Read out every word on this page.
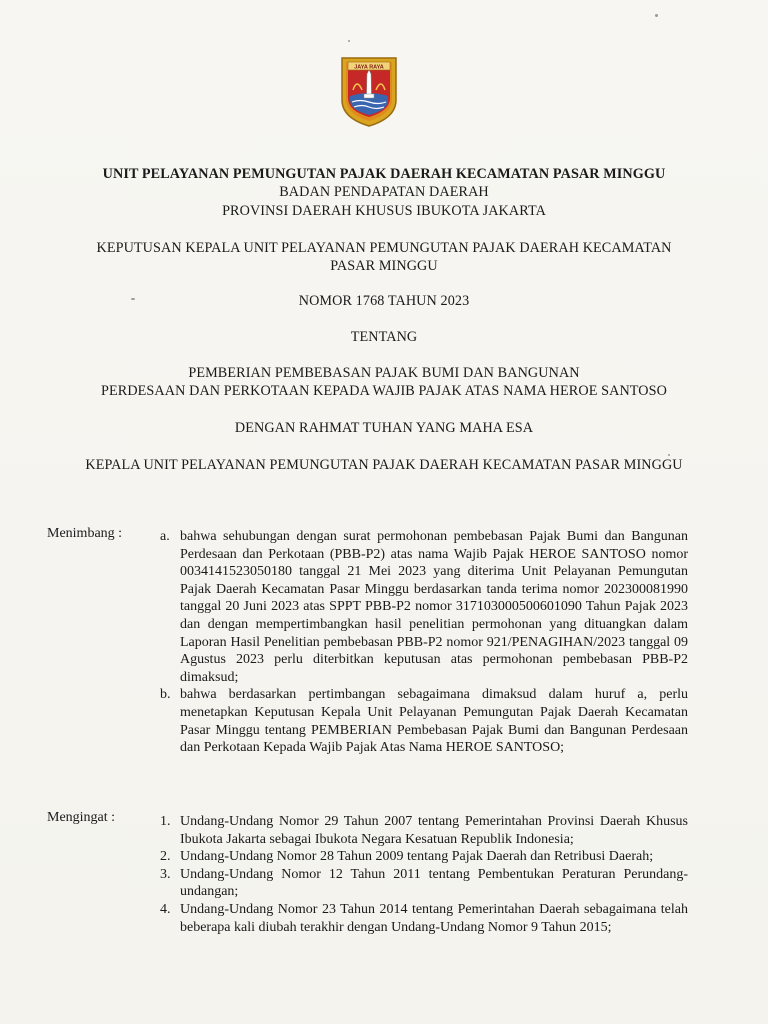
JAYA RAYA
UNIT PELAYANAN PEMUNGUTAN PAJAK DAERAH KECAMATAN PASAR MINGGU
BADAN PENDAPATAN DAERAH
PROVINSI DAERAH KHUSUS IBUKOTA JAKARTA
KEPUTUSAN KEPALA UNIT PELAYANAN PEMUNGUTAN PAJAK DAERAH KECAMATAN
PASAR MINGGU
NOMOR 1768 TAHUN 2023
TENTANG
PEMBERIAN PEMBEBASAN PAJAK BUMI DAN BANGUNAN
PERDESAAN DAN PERKOTAAN KEPADA WAJIB PAJAK ATAS NAMA HEROE SANTOSO
DENGAN RAHMAT TUHAN YANG MAHA ESA
KEPALA UNIT PELAYANAN PEMUNGUTAN PAJAK DAERAH KECAMATAN PASAR MINGGU
Menimbang :	a. bahwa sehubungan dengan surat permohonan pembebasan Pajak Bumi dan Bangunan Perdesaan dan Perkotaan (PBB-P2) atas nama Wajib Pajak HEROE SANTOSO nomor 0034141523050180 tanggal 21 Mei 2023 yang diterima Unit Pelayanan Pemungutan Pajak Daerah Kecamatan Pasar Minggu berdasarkan tanda terima nomor 202300081990 tanggal 20 Juni 2023 atas SPPT PBB-P2 nomor 317103000500601090 Tahun Pajak 2023 dan dengan mempertimbangkan hasil penelitian permohonan yang dituangkan dalam Laporan Hasil Penelitian pembebasan PBB-P2 nomor 921/PENAGIHAN/2023 tanggal 09 Agustus 2023 perlu diterbitkan keputusan atas permohonan pembebasan PBB-P2 dimaksud;
b. bahwa berdasarkan pertimbangan sebagaimana dimaksud dalam huruf a, perlu menetapkan Keputusan Kepala Unit Pelayanan Pemungutan Pajak Daerah Kecamatan Pasar Minggu tentang PEMBERIAN Pembebasan Pajak Bumi dan Bangunan Perdesaan dan Perkotaan Kepada Wajib Pajak Atas Nama HEROE SANTOSO;
Mengingat :	1. Undang-Undang Nomor 29 Tahun 2007 tentang Pemerintahan Provinsi Daerah Khusus Ibukota Jakarta sebagai Ibukota Negara Kesatuan Republik Indonesia;
2. Undang-Undang Nomor 28 Tahun 2009 tentang Pajak Daerah dan Retribusi Daerah;
3. Undang-Undang Nomor 12 Tahun 2011 tentang Pembentukan Peraturan Perundang-undangan;
4. Undang-Undang Nomor 23 Tahun 2014 tentang Pemerintahan Daerah sebagaimana telah beberapa kali diubah terakhir dengan Undang-Undang Nomor 9 Tahun 2015;
